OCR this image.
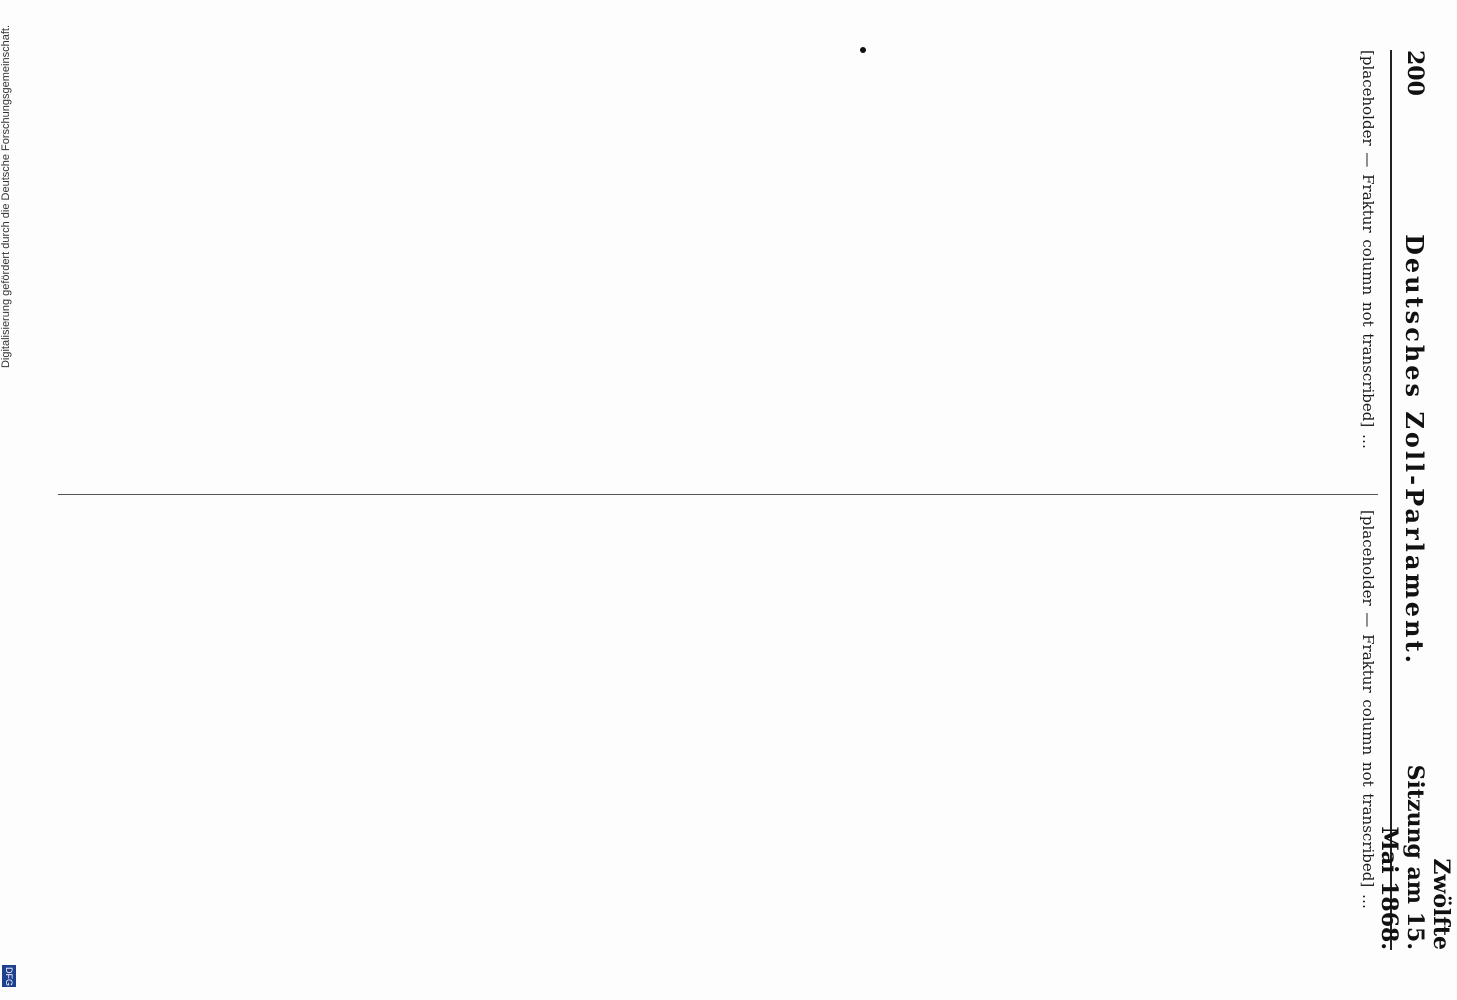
200
Deutsches Zoll-Parlament.
Zwölfte Sitzung am 15. Mai 1868.
[placeholder — Fraktur column not transcribed] …
[placeholder — Fraktur column not transcribed] …
Digitalisierung gefördert durch die Deutsche Forschungsgemeinschaft.
DFG
